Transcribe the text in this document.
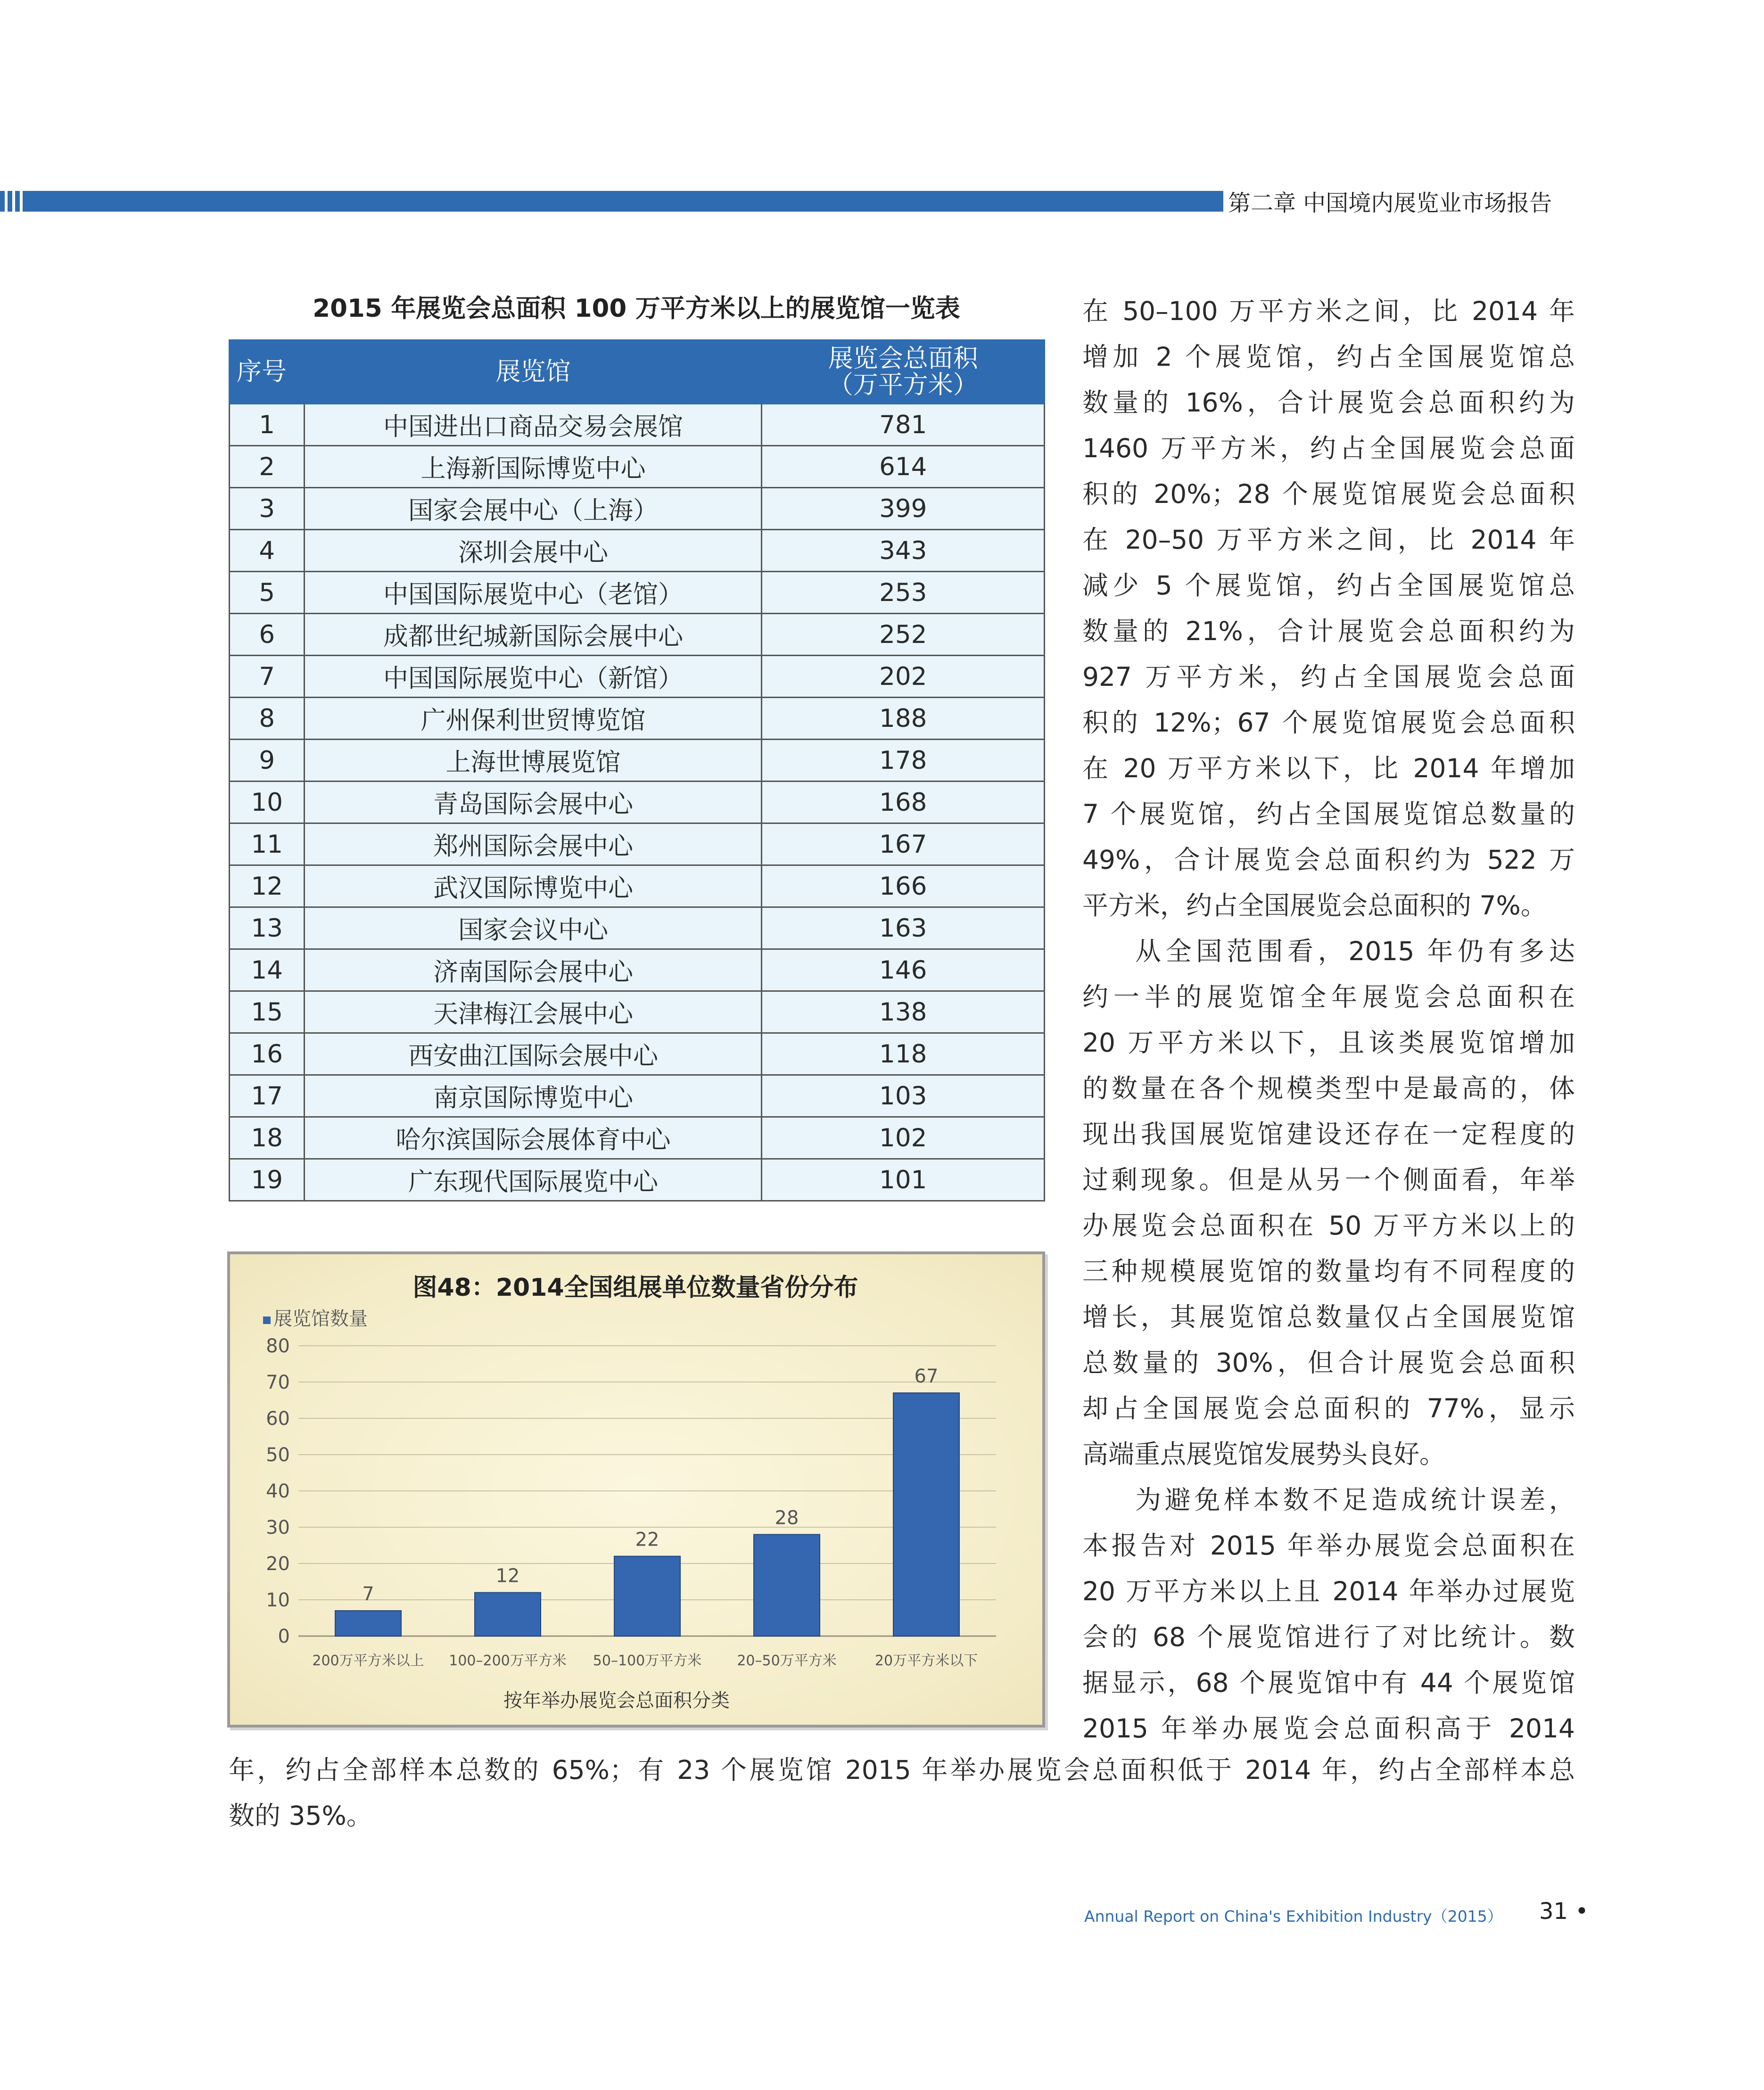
第二章 中国境内展览业市场报告
2015 年展览会总面积 100 万平方米以上的展览馆一览表
序号	展览馆	展览会总面积
（万平方米）

1	中国进出口商品交易会展馆	781
2	上海新国际博览中心	614
3	国家会展中心（上海）	399
4	深圳会展中心	343
5	中国国际展览中心（老馆）	253
6	成都世纪城新国际会展中心	252
7	中国国际展览中心（新馆）	202
8	广州保利世贸博览馆	188
9	上海世博展览馆	178
10	青岛国际会展中心	168
11	郑州国际会展中心	167
12	武汉国际博览中心	166
13	国家会议中心	163
14	济南国际会展中心	146
15	天津梅江会展中心	138
16	西安曲江国际会展中心	118
17	南京国际博览中心	103
18	哈尔滨国际会展体育中心	102
19	广东现代国际展览中心	101
图48：2014全国组展单位数量省份分布
展览馆数量
0
10
20
30
40
50
60
70
80
7
12
22
28
67
200万平方米以上 100–200万平方米 50–100万平方米	20–50万平方米	20万平方米以下
按年举办展览会总面积分类

在 50–100 万平方米之间，比 2014 年

增加 2 个展览馆，约占全国展览馆总

数量的 16%，合计展览会总面积约为

1460 万平方米，约占全国展览会总面

积的 20%；28 个展览馆展览会总面积

在 20–50 万平方米之间，比 2014 年

减少 5 个展览馆，约占全国展览馆总

数量的 21%，合计展览会总面积约为

927 万平方米，约占全国展览会总面

积的 12%；67 个展览馆展览会总面积

在 20 万平方米以下，比 2014 年增加

7 个展览馆，约占全国展览馆总数量的

49%，合计展览会总面积约为 522 万

平方米，约占全国展览会总面积的 7%。

从全国范围看，2015 年仍有多达

约一半的展览馆全年展览会总面积在

20 万平方米以下，且该类展览馆增加

的数量在各个规模类型中是最高的，体

现出我国展览馆建设还存在一定程度的

过剩现象。但是从另一个侧面看，年举

办展览会总面积在 50 万平方米以上的

三种规模展览馆的数量均有不同程度的

增长，其展览馆总数量仅占全国展览馆

总数量的 30%，但合计展览会总面积

却占全国展览会总面积的 77%，显示

高端重点展览馆发展势头良好。

为避免样本数不足造成统计误差，

本报告对 2015 年举办展览会总面积在

20 万平方米以上且 2014 年举办过展览

会的 68 个展览馆进行了对比统计。数

据显示，68 个展览馆中有 44 个展览馆

2015 年举办展览会总面积高于 2014

年，约占全部样本总数的 65%；有 23 个展览馆 2015 年举办展览会总面积低于 2014 年，约占全部样本总
数的 35%。
Annual Report on China's Exhibition Industry（2015） 31 •
